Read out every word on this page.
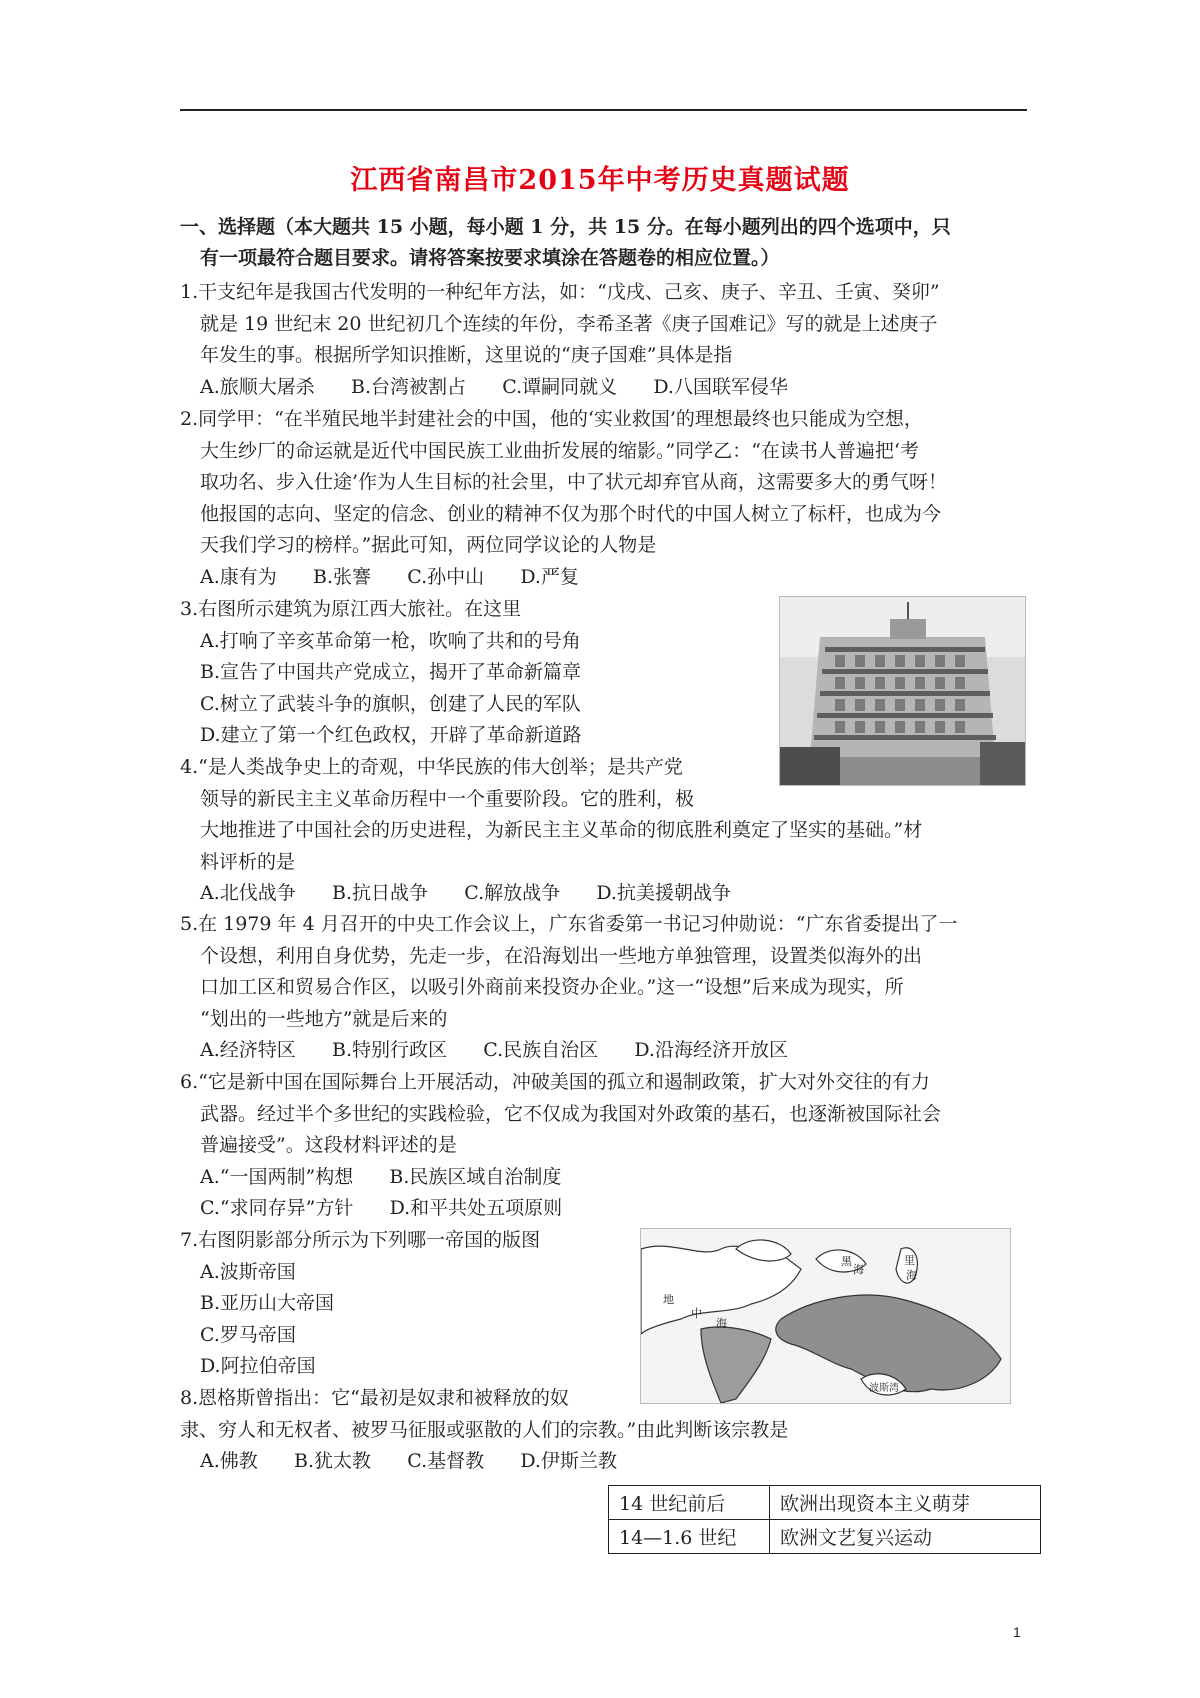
江西省南昌市2015年中考历史真题试题
一、选择题（本大题共 15 小题，每小题 1 分，共 15 分。在每小题列出的四个选项中，只
有一项最符合题目要求。请将答案按要求填涂在答题卷的相应位置。）
1.干支纪年是我国古代发明的一种纪年方法，如：“戊戌、己亥、庚子、辛丑、壬寅、癸卯”
就是 19 世纪末 20 世纪初几个连续的年份，李希圣著《庚子国难记》写的就是上述庚子
年发生的事。根据所学知识推断，这里说的“庚子国难”具体是指
A.旅顺大屠杀      B.台湾被割占      C.谭嗣同就义      D.八国联军侵华
2.同学甲：“在半殖民地半封建社会的中国，他的‘实业救国’的理想最终也只能成为空想，
大生纱厂的命运就是近代中国民族工业曲折发展的缩影。”同学乙：“在读书人普遍把‘考
取功名、步入仕途’作为人生目标的社会里，中了状元却弃官从商，这需要多大的勇气呀！
他报国的志向、坚定的信念、创业的精神不仅为那个时代的中国人树立了标杆，也成为今
天我们学习的榜样。”据此可知，两位同学议论的人物是
A.康有为      B.张謇      C.孙中山      D.严复
3.右图所示建筑为原江西大旅社。在这里
A.打响了辛亥革命第一枪，吹响了共和的号角
B.宣告了中国共产党成立，揭开了革命新篇章
C.树立了武装斗争的旗帜，创建了人民的军队
D.建立了第一个红色政权，开辟了革命新道路
4.“是人类战争史上的奇观，中华民族的伟大创举；是共产党
领导的新民主主义革命历程中一个重要阶段。它的胜利，极
大地推进了中国社会的历史进程，为新民主主义革命的彻底胜利奠定了坚实的基础。”材
料评析的是
A.北伐战争      B.抗日战争      C.解放战争      D.抗美援朝战争
5.在 1979 年 4 月召开的中央工作会议上，广东省委第一书记习仲勋说：“广东省委提出了一
个设想，利用自身优势，先走一步，在沿海划出一些地方单独管理，设置类似海外的出
口加工区和贸易合作区，以吸引外商前来投资办企业。”这一“设想”后来成为现实，所
“划出的一些地方”就是后来的
A.经济特区      B.特别行政区      C.民族自治区      D.沿海经济开放区
6.“它是新中国在国际舞台上开展活动，冲破美国的孤立和遏制政策，扩大对外交往的有力
武器。经过半个多世纪的实践检验，它不仅成为我国对外政策的基石，也逐渐被国际社会
普遍接受”。这段材料评述的是
A.“一国两制”构想      B.民族区域自治制度
C.“求同存异”方针      D.和平共处五项原则
7.右图阴影部分所示为下列哪一帝国的版图
A.波斯帝国
B.亚历山大帝国
C.罗马帝国
D.阿拉伯帝国
黑
海
地
中
海
里
海
波斯湾
8.恩格斯曾指出：它“最初是奴隶和被释放的奴
隶、穷人和无权者、被罗马征服或驱散的人们的宗教。”由此判断该宗教是
A.佛教      B.犹太教      C.基督教      D.伊斯兰教
14 世纪前后	欧洲出现资本主义萌芽
14—1.6 世纪	欧洲文艺复兴运动
1
